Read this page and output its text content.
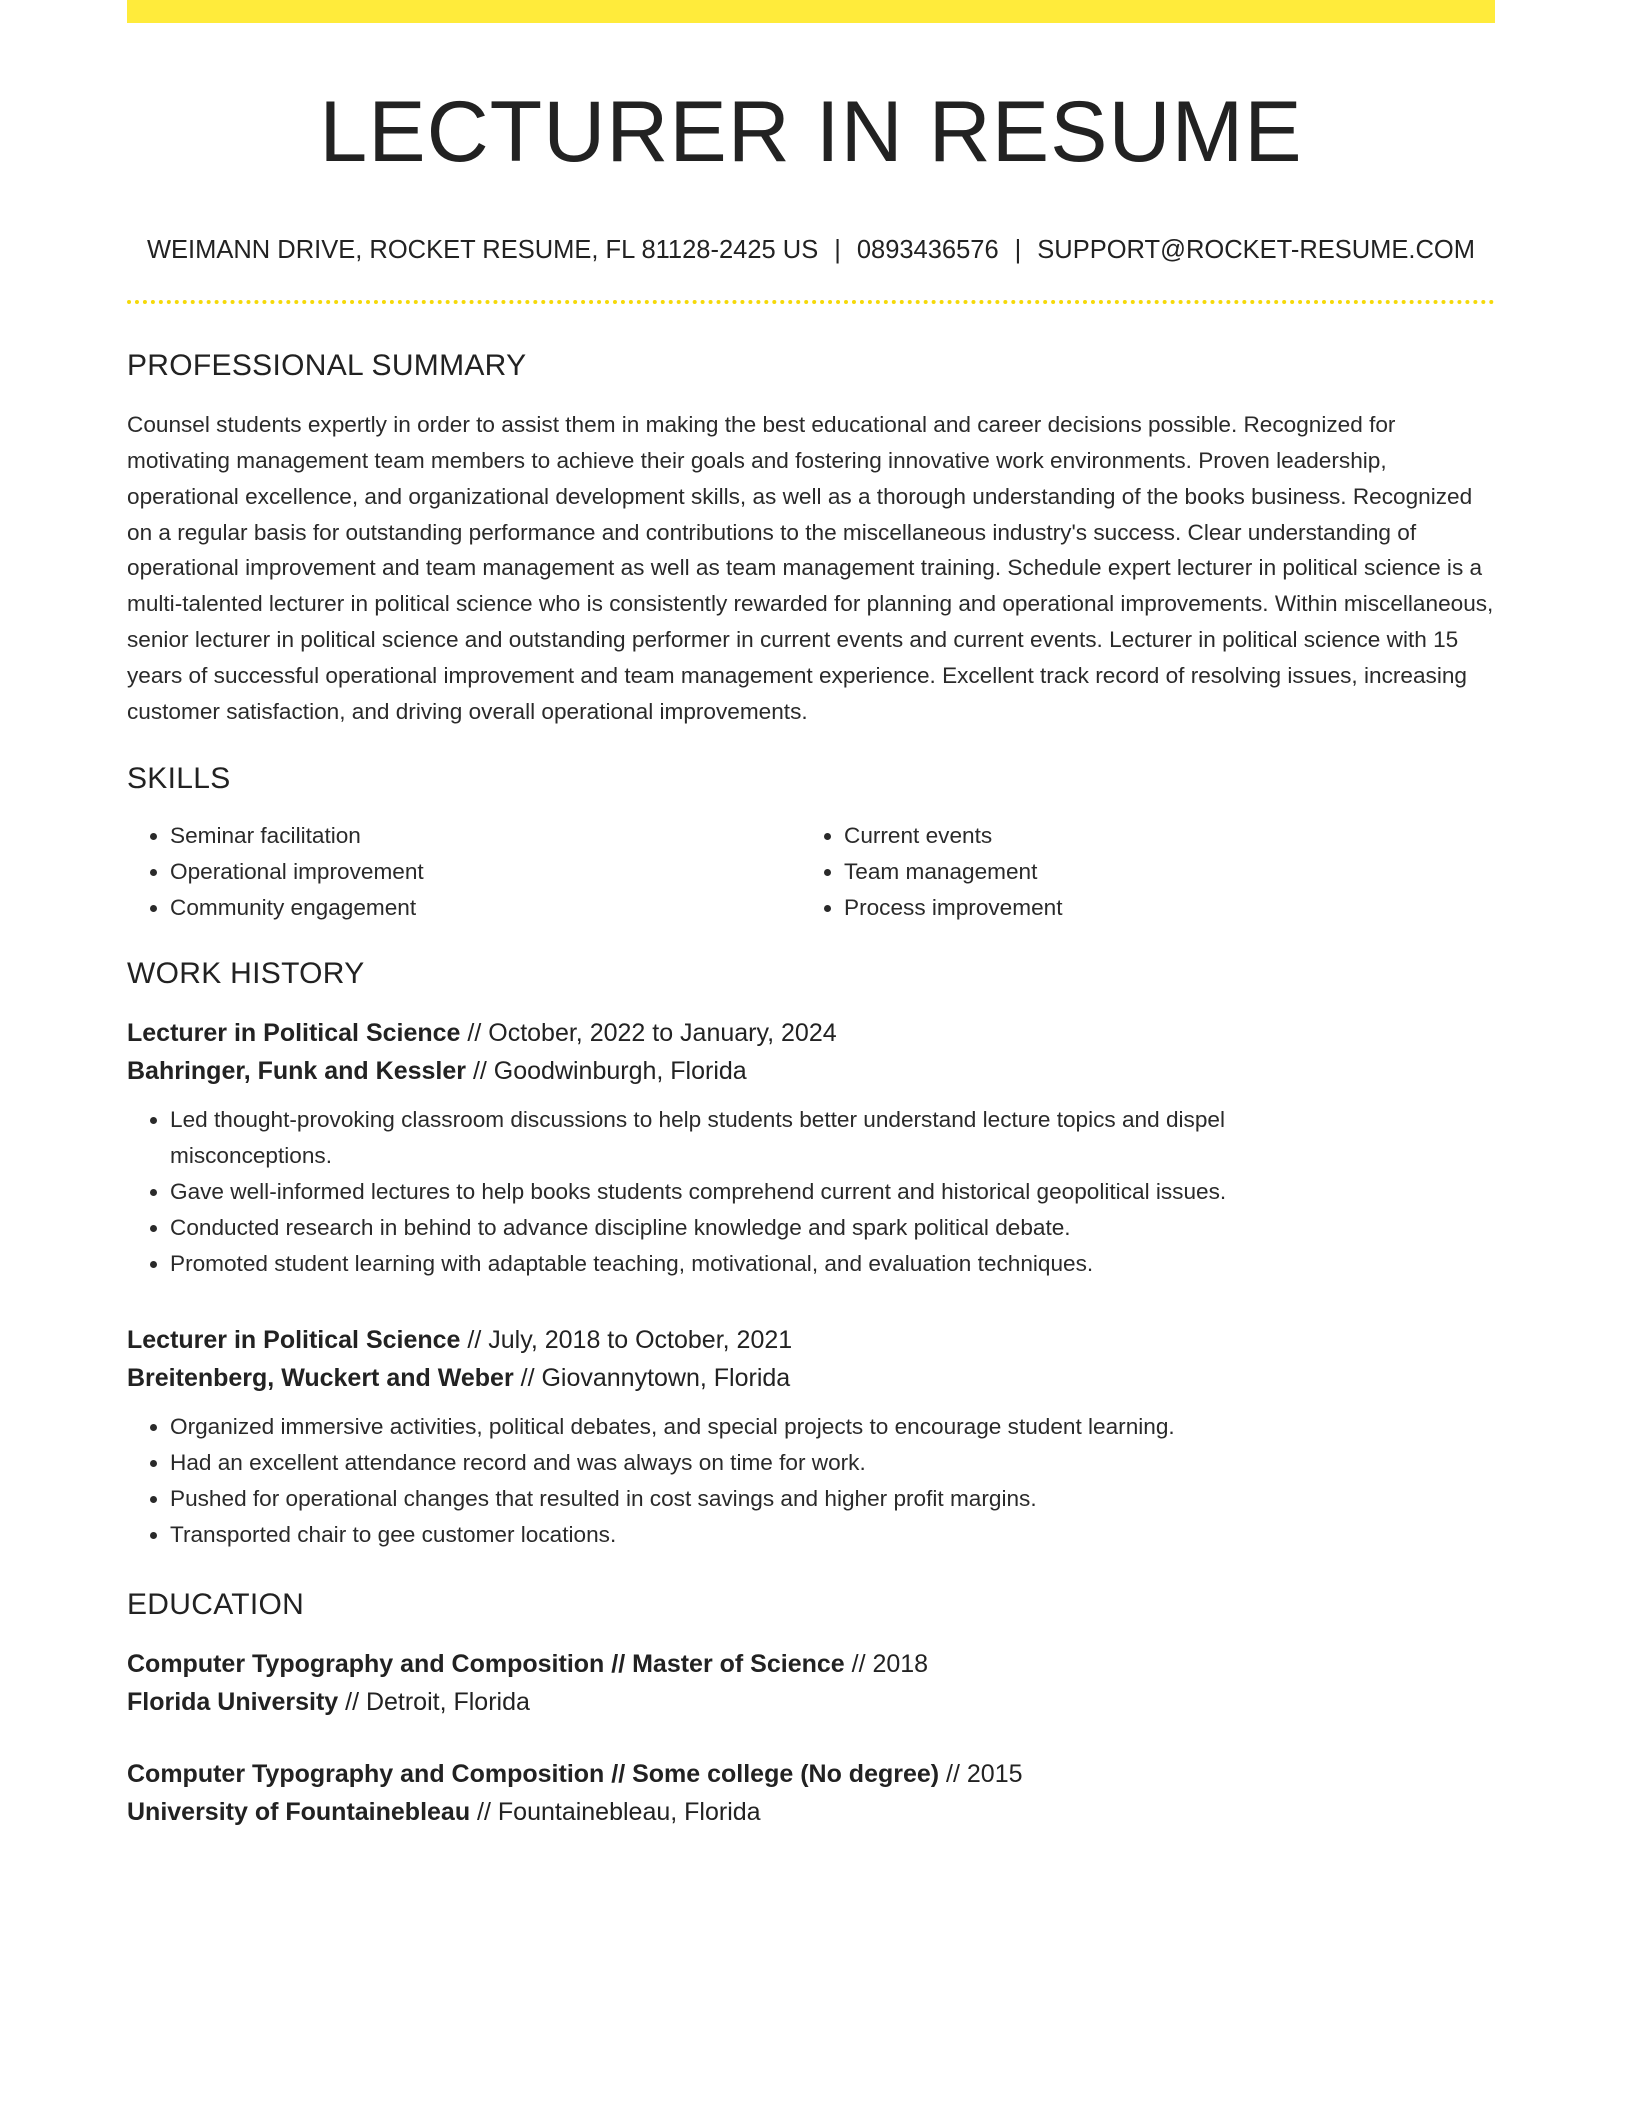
LECTURER IN RESUME
WEIMANN DRIVE, ROCKET RESUME, FL 81128-2425 US | 0893436576 | SUPPORT@ROCKET-RESUME.COM
PROFESSIONAL SUMMARY

Counsel students expertly in order to assist them in making the best educational and career decisions possible. Recognized for motivating management team members to achieve their goals and fostering innovative work environments. Proven leadership, operational excellence, and organizational development skills, as well as a thorough understanding of the books business. Recognized on a regular basis for outstanding performance and contributions to the miscellaneous industry's success. Clear understanding of operational improvement and team management as well as team management training. Schedule expert lecturer in political science is a multi-talented lecturer in political science who is consistently rewarded for planning and operational improvements. Within miscellaneous, senior lecturer in political science and outstanding performer in current events and current events. Lecturer in political science with 15 years of successful operational improvement and team management experience. Excellent track record of resolving issues, increasing customer satisfaction, and driving overall operational improvements.

SKILLS
• Seminar facilitation
• Operational improvement
• Community engagement
• Current events
• Team management
• Process improvement
WORK HISTORY
Lecturer in Political Science // October, 2022 to January, 2024
Bahringer, Funk and Kessler // Goodwinburgh, Florida
• Led thought-provoking classroom discussions to help students better understand lecture topics and dispel misconceptions.
• Gave well-informed lectures to help books students comprehend current and historical geopolitical issues.
• Conducted research in behind to advance discipline knowledge and spark political debate.
• Promoted student learning with adaptable teaching, motivational, and evaluation techniques.
Lecturer in Political Science // July, 2018 to October, 2021
Breitenberg, Wuckert and Weber // Giovannytown, Florida
• Organized immersive activities, political debates, and special projects to encourage student learning.
• Had an excellent attendance record and was always on time for work.
• Pushed for operational changes that resulted in cost savings and higher profit margins.
• Transported chair to gee customer locations.
EDUCATION
Computer Typography and Composition // Master of Science // 2018
Florida University // Detroit, Florida
Computer Typography and Composition // Some college (No degree) // 2015
University of Fountainebleau // Fountainebleau, Florida
